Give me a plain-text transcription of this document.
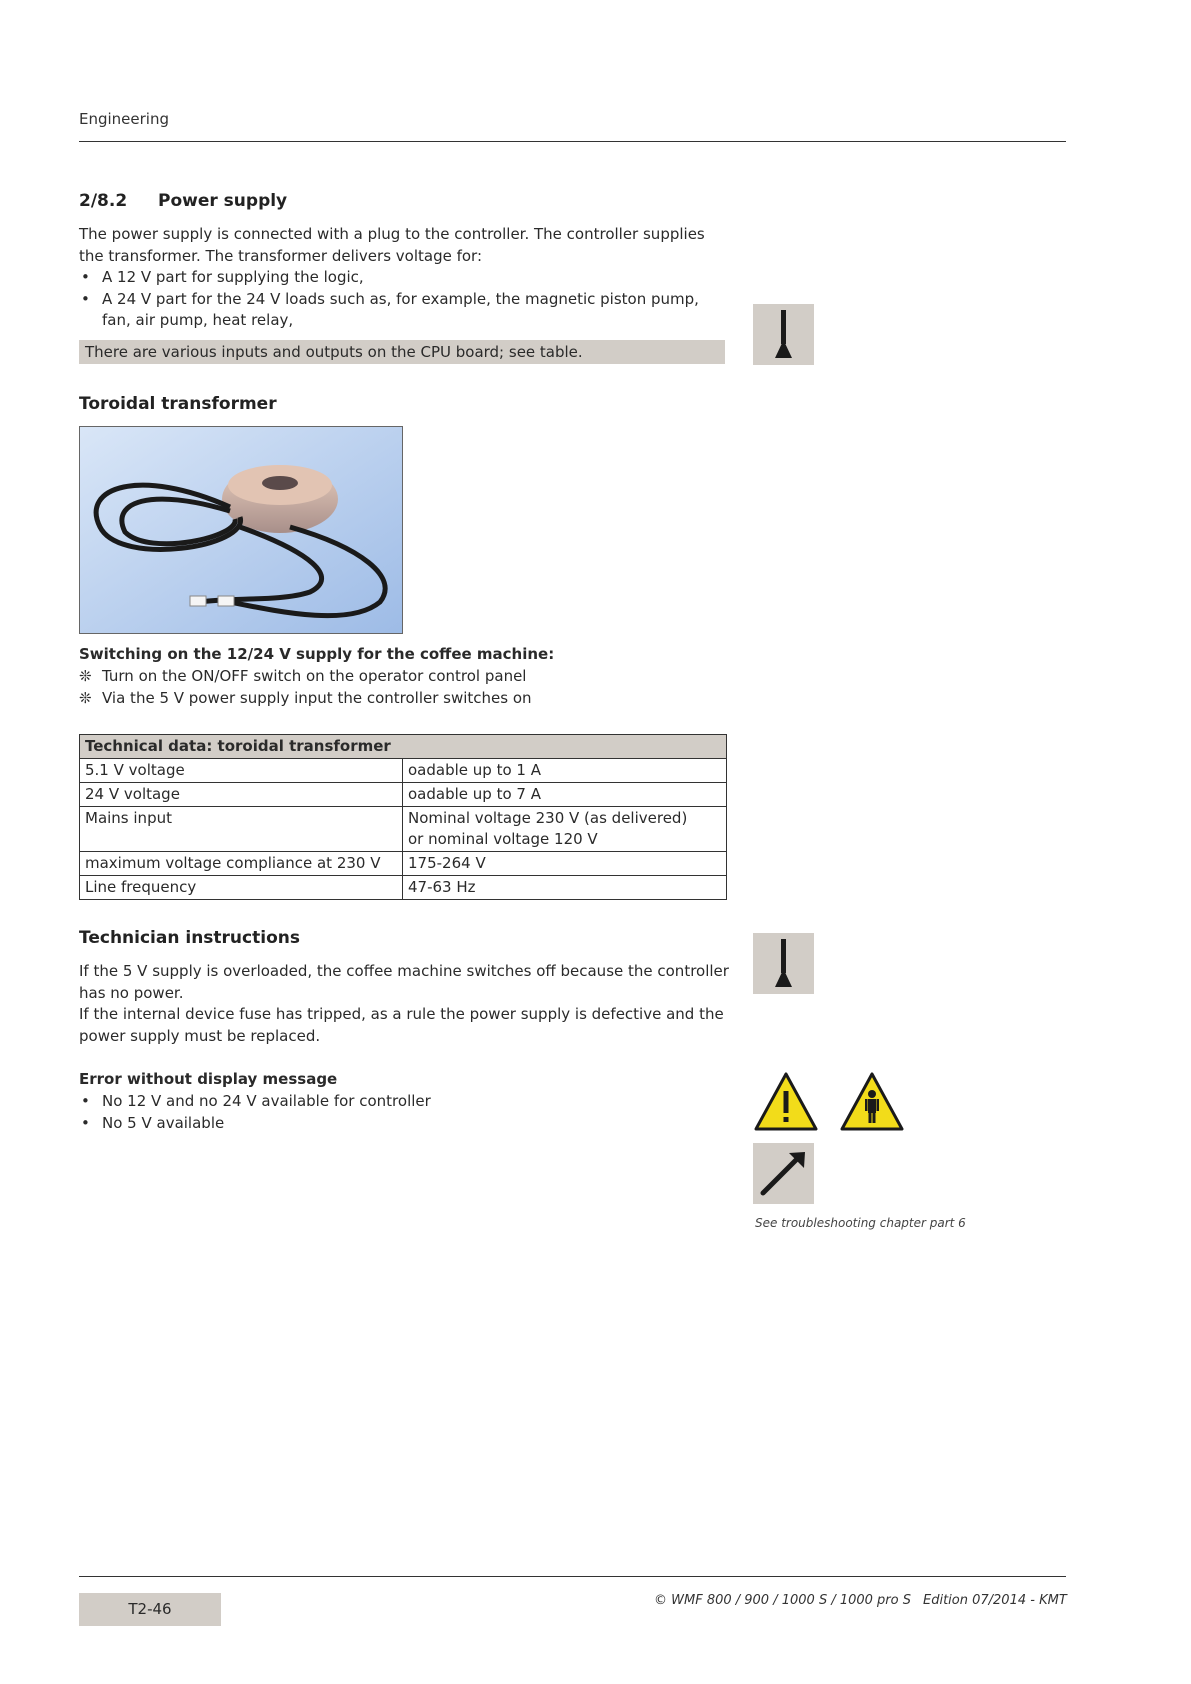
Engineering
2/8.2 Power supply
The power supply is connected with a plug to the controller. The controller supplies the transformer. The transformer delivers voltage for:
• A 12 V part for supplying the logic,
• A 24 V part for the 24 V loads such as, for example, the magnetic piston pump, fan, air pump, heat relay,
There are various inputs and outputs on the CPU board; see table.
Toroidal transformer
Switching on the 12/24 V supply for the coffee machine:
❊ Turn on the ON/OFF switch on the operator control panel
❊ Via the 5 V power supply input the controller switches on
Technical data: toroidal transformer	
5.1 V voltage	oadable up to 1 A
24 V voltage	oadable up to 7 A
Mains input	Nominal voltage 230 V (as delivered)
or nominal voltage 120 V

maximum voltage compliance at 230 V	175-264 V
Line frequency	47-63 Hz
Technician instructions
If the 5 V supply is overloaded, the coffee machine switches off because the controller has no power.
If the internal device fuse has tripped, as a rule the power supply is defective and the power supply must be replaced.
Error without display message
• No 12 V and no 24 V available for controller
• No 5 V available
See troubleshooting chapter part 6
T2-46	© WMF 800 / 900 / 1000 S / 1000 pro S Edition 07/2014 - KMT
